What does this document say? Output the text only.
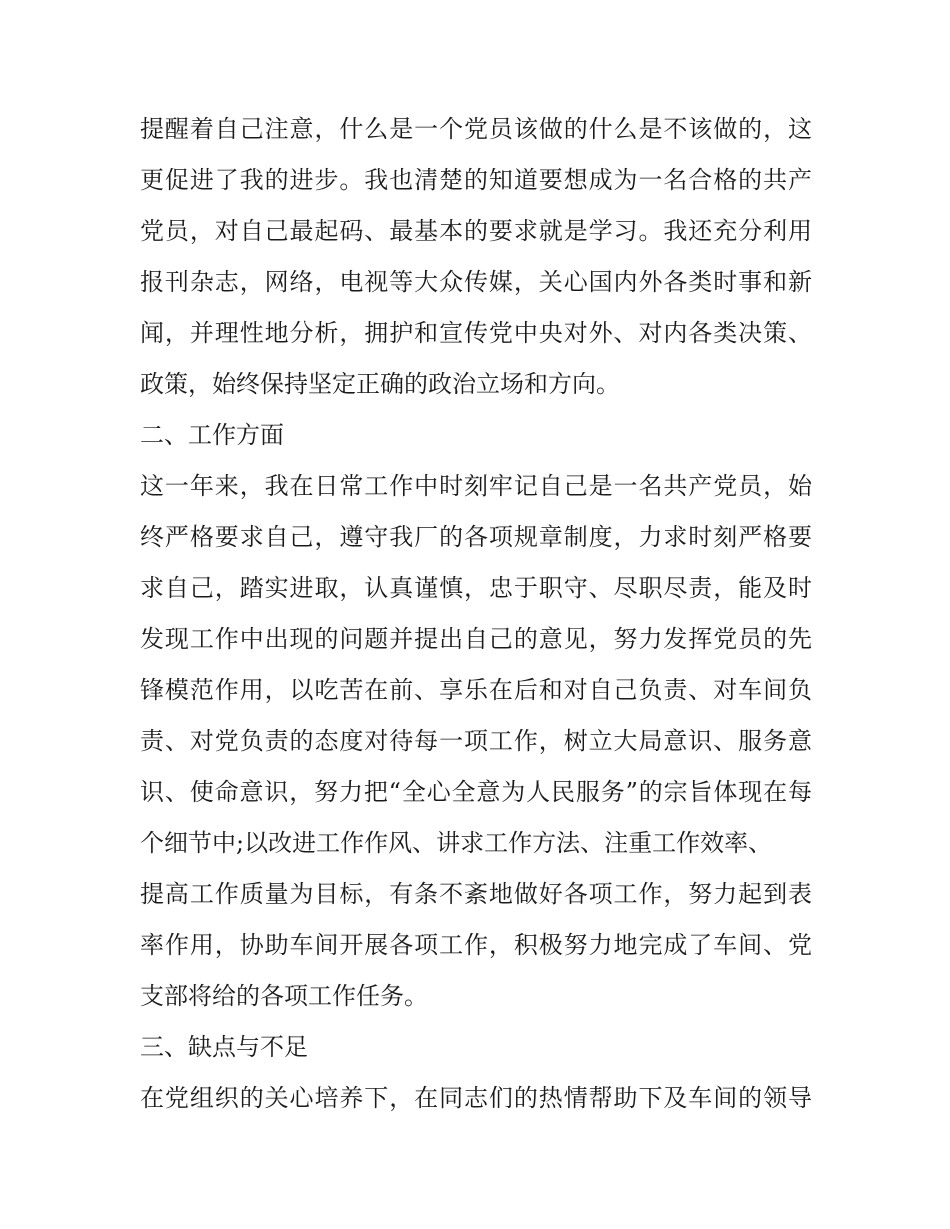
提醒着自己注意，什么是一个党员该做的什么是不该做的，这
更促进了我的进步。我也清楚的知道要想成为一名合格的共产
党员，对自己最起码、最基本的要求就是学习。我还充分利用
报刊杂志，网络，电视等大众传媒，关心国内外各类时事和新
闻，并理性地分析，拥护和宣传党中央对外、对内各类决策、
政策，始终保持坚定正确的政治立场和方向。
二、工作方面
这一年来，我在日常工作中时刻牢记自己是一名共产党员，始
终严格要求自己，遵守我厂的各项规章制度，力求时刻严格要
求自己，踏实进取，认真谨慎，忠于职守、尽职尽责，能及时
发现工作中出现的问题并提出自己的意见，努力发挥党员的先
锋模范作用，以吃苦在前、享乐在后和对自己负责、对车间负
责、对党负责的态度对待每一项工作，树立大局意识、服务意
识、使命意识，努力把“全心全意为人民服务”的宗旨体现在每
个细节中;以改进工作作风、讲求工作方法、注重工作效率、
提高工作质量为目标，有条不紊地做好各项工作，努力起到表
率作用，协助车间开展各项工作，积极努力地完成了车间、党
支部将给的各项工作任务。
三、缺点与不足
在党组织的关心培养下，在同志们的热情帮助下及车间的领导
